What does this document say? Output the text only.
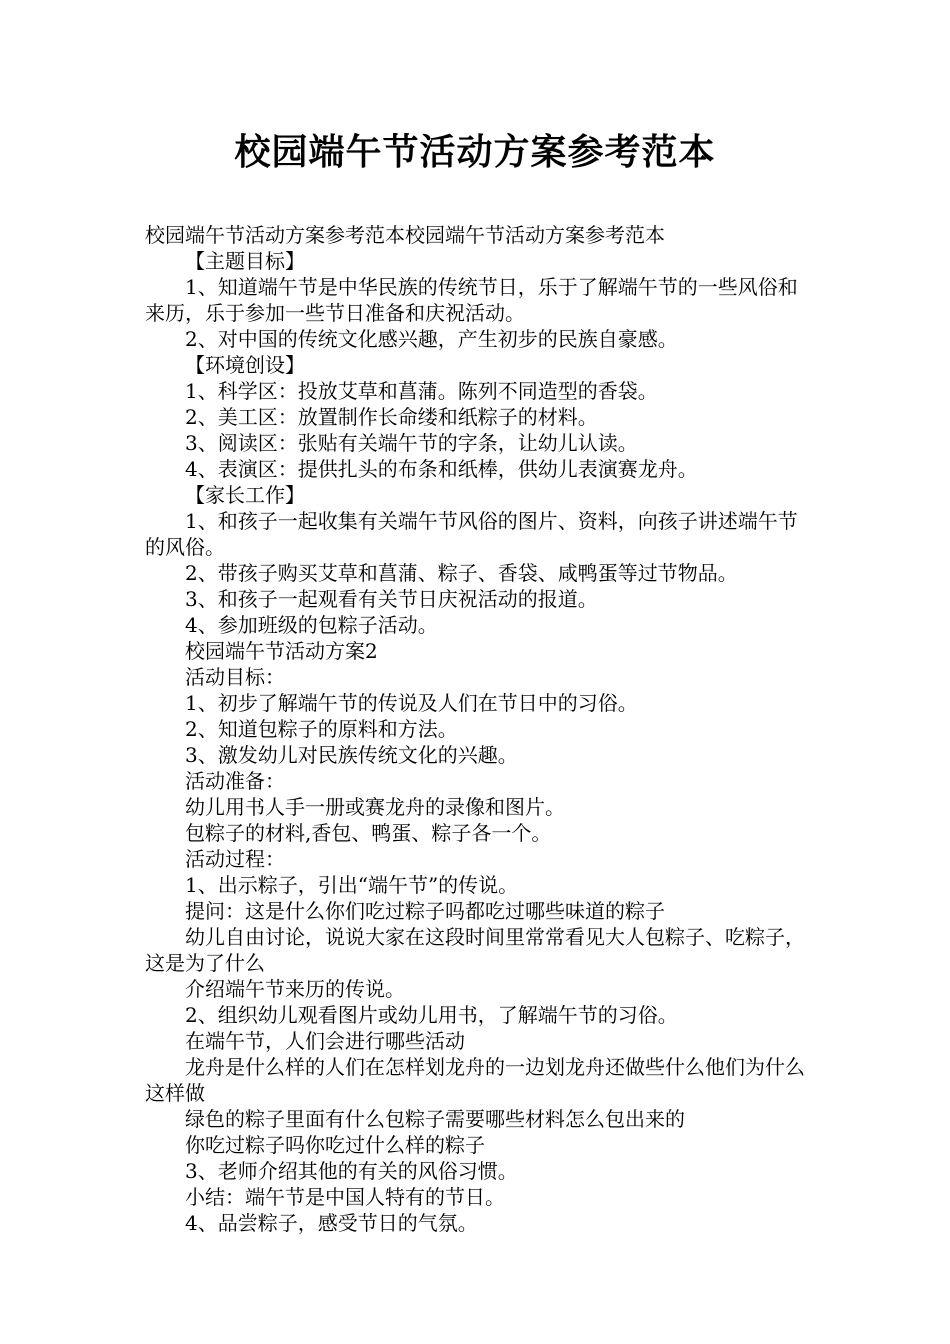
校园端午节活动方案参考范本

校园端午节活动方案参考范本校园端午节活动方案参考范本

【主题目标】

1、知道端午节是中华民族的传统节日，乐于了解端午节的一些风俗和来历，乐于参加一些节日准备和庆祝活动。

2、对中国的传统文化感兴趣，产生初步的民族自豪感。

【环境创设】

1、科学区：投放艾草和菖蒲。陈列不同造型的香袋。

2、美工区：放置制作长命缕和纸粽子的材料。

3、阅读区：张贴有关端午节的字条，让幼儿认读。

4、表演区：提供扎头的布条和纸棒，供幼儿表演赛龙舟。

【家长工作】

1、和孩子一起收集有关端午节风俗的图片、资料，向孩子讲述端午节的风俗。

2、带孩子购买艾草和菖蒲、粽子、香袋、咸鸭蛋等过节物品。

3、和孩子一起观看有关节日庆祝活动的报道。

4、参加班级的包粽子活动。

校园端午节活动方案2

活动目标：

1、初步了解端午节的传说及人们在节日中的习俗。

2、知道包粽子的原料和方法。

3、激发幼儿对民族传统文化的兴趣。

活动准备：

幼儿用书人手一册或赛龙舟的录像和图片。

包粽子的材料,香包、鸭蛋、粽子各一个。

活动过程：

1、出示粽子，引出“端午节”的传说。

提问：这是什么你们吃过粽子吗都吃过哪些味道的粽子

幼儿自由讨论，说说大家在这段时间里常常看见大人包粽子、吃粽子，这是为了什么

介绍端午节来历的传说。

2、组织幼儿观看图片或幼儿用书，了解端午节的习俗。

在端午节，人们会进行哪些活动

龙舟是什么样的人们在怎样划龙舟的一边划龙舟还做些什么他们为什么这样做

绿色的粽子里面有什么包粽子需要哪些材料怎么包出来的

你吃过粽子吗你吃过什么样的粽子

3、老师介绍其他的有关的风俗习惯。

小结：端午节是中国人特有的节日。

4、品尝粽子，感受节日的气氛。
